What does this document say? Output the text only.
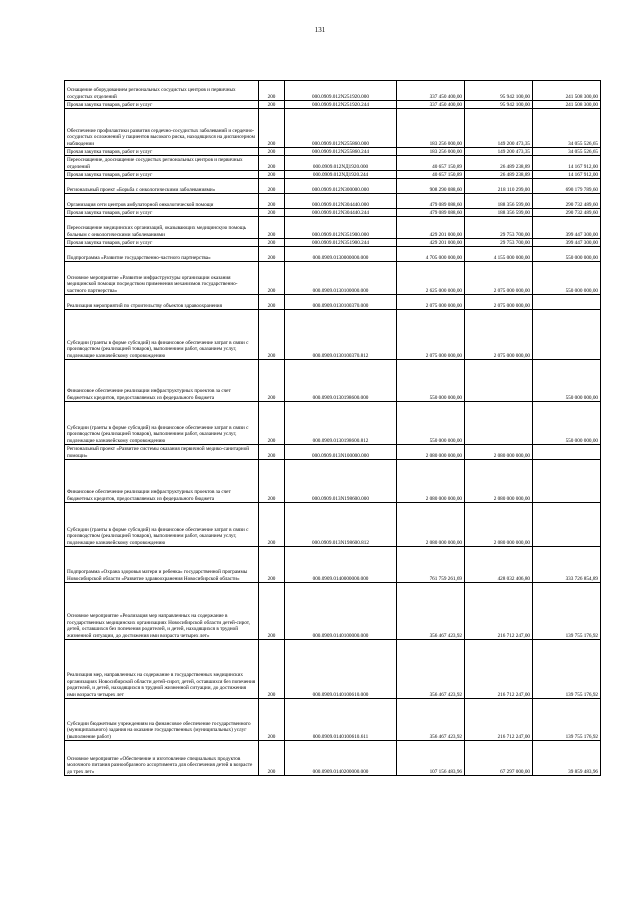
131
Оснащение оборудованием региональных сосудистых центров и первичных сосудистых отделений	200	000.0909.012N251920.000	337 450 400,00	95 942 100,00	241 508 300,00
Прочая закупка товаров, работ и услуг	200	000.0909.012N251920.244	337 450 400,00	95 942 100,00	241 508 300,00
Обеспечение профилактики развития сердечно-сосудистых заболеваний и сердечно-сосудистых осложнений у пациентов высокого риска, находящихся на диспансерном наблюдении	200	000.0909.012N255860.000	183 256 000,00	149 200 473,35	34 055 526,65
Прочая закупка товаров, работ и услуг	200	000.0909.012N255860.244	183 256 000,00	149 200 473,35	34 055 526,65
Переоснащение, дооснащение сосудистых региональных центров и первичных отделений	200	000.0909.012NД1920.000	40 657 150,89	26 489 238,89	14 167 912,00
Прочая закупка товаров, работ и услуг	200	000.0909.012NД1920.244	40 657 150,89	26 489 238,89	14 167 912,00
Региональный проект «Борьба с онкологическими заболеваниями»	200	000.0909.012N300000.000	908 290 088,60	218 110 299,00	690 179 789,60
Организация сети центров амбулаторной онкологической помощи	200	000.0909.012N304440.000	479 089 088,60	188 356 599,00	290 732 489,60
Прочая закупка товаров, работ и услуг	200	000.0909.012N304440.244	479 089 088,60	188 356 599,00	290 732 489,60
Переоснащение медицинских организаций, оказывающих медицинскую помощь больным с онкологическими заболеваниями	200	000.0909.012N351900.000	429 201 000,00	29 753 700,00	399 447 300,00
Прочая закупка товаров, работ и услуг	200	000.0909.012N351900.244	429 201 000,00	29 753 700,00	399 447 300,00
Подпрограмма «Развитие государственно-частного партнерства»	200	000.0909.0130000000.000	4 705 000 000,00	4 155 000 000,00	550 000 000,00
Основное мероприятие «Развитие инфраструктуры организации оказания медицинской помощи посредством применения механизмов государственно-частного партнерства»	200	000.0909.0130100000.000	2 625 000 000,00	2 075 000 000,00	550 000 000,00
Реализация мероприятий по строительству объектов здравоохранения	200	000.0909.0130100370.000	2 075 000 000,00	2 075 000 000,00	
Субсидии (гранты в форме субсидий) на финансовое обеспечение затрат в связи с производством (реализацией товаров), выполнением работ, оказанием услуг, подлежащие казначейскому сопровождению	200	000.0909.0130100370.812	2 075 000 000,00	2 075 000 000,00	
Финансовое обеспечение реализации инфраструктурных проектов за счет бюджетных кредитов, предоставляемых из федерального бюджета	200	000.0909.0130198600.000	550 000 000,00		550 000 000,00
Субсидии (гранты в форме субсидий) на финансовое обеспечение затрат в связи с производством (реализацией товаров), выполнением работ, оказанием услуг, подлежащие казначейскому сопровождению	200	000.0909.0130198600.812	550 000 000,00		550 000 000,00
Региональный проект «Развитие системы оказания первичной медико-санитарной помощи»	200	000.0909.013N100000.000	2 080 000 000,00	2 080 000 000,00	
Финансовое обеспечение реализации инфраструктурных проектов за счет бюджетных кредитов, предоставляемых из федерального бюджета	200	000.0909.013N198600.000	2 080 000 000,00	2 080 000 000,00	
Субсидии (гранты в форме субсидий) на финансовое обеспечение затрат в связи с производством (реализацией товаров), выполнением работ, оказанием услуг, подлежащие казначейскому сопровождению	200	000.0909.013N198600.812	2 080 000 000,00	2 080 000 000,00	
Подпрограмма «Охрана здоровья матери и ребенка» государственной программы Новосибирской области «Развитие здравоохранения Новосибирской области»	200	000.0909.0140000000.000	761 759 261,69	428 032 406,80	333 726 854,89
Основное мероприятие «Реализация мер направленных на содержание в государственных медицинских организациях Новосибирской области детей-сирот, детей, оставшихся без попечения родителей, и детей, находящихся в трудной жизненной ситуации, до достижения ими возраста четырех лет»	200	000.0909.0140100000.000	356 467 423,92	216 712 247,00	139 755 176,92
Реализация мер, направленных на содержание в государственных медицинских организациях Новосибирской области детей-сирот, детей, оставшихся без попечения родителей, и детей, находящихся в трудной жизненной ситуации, до достижения ими возраста четырех лет	200	000.0909.0140100610.000	356 467 423,92	216 712 247,00	139 755 176,92
Субсидии бюджетным учреждениям на финансовое обеспечение государственного (муниципального) задания на оказание государственных (муниципальных) услуг (выполнение работ)	200	000.0909.0140100610.611	356 467 423,92	216 712 247,00	139 755 176,92
Основное мероприятие «Обеспечение и изготовление специальных продуктов молочного питания разнообразного ассортимента для обеспечения детей в возрасте до трех лет»	200	000.0909.0140200000.000	107 156 483,96	67 297 000,00	39 859 483,96
